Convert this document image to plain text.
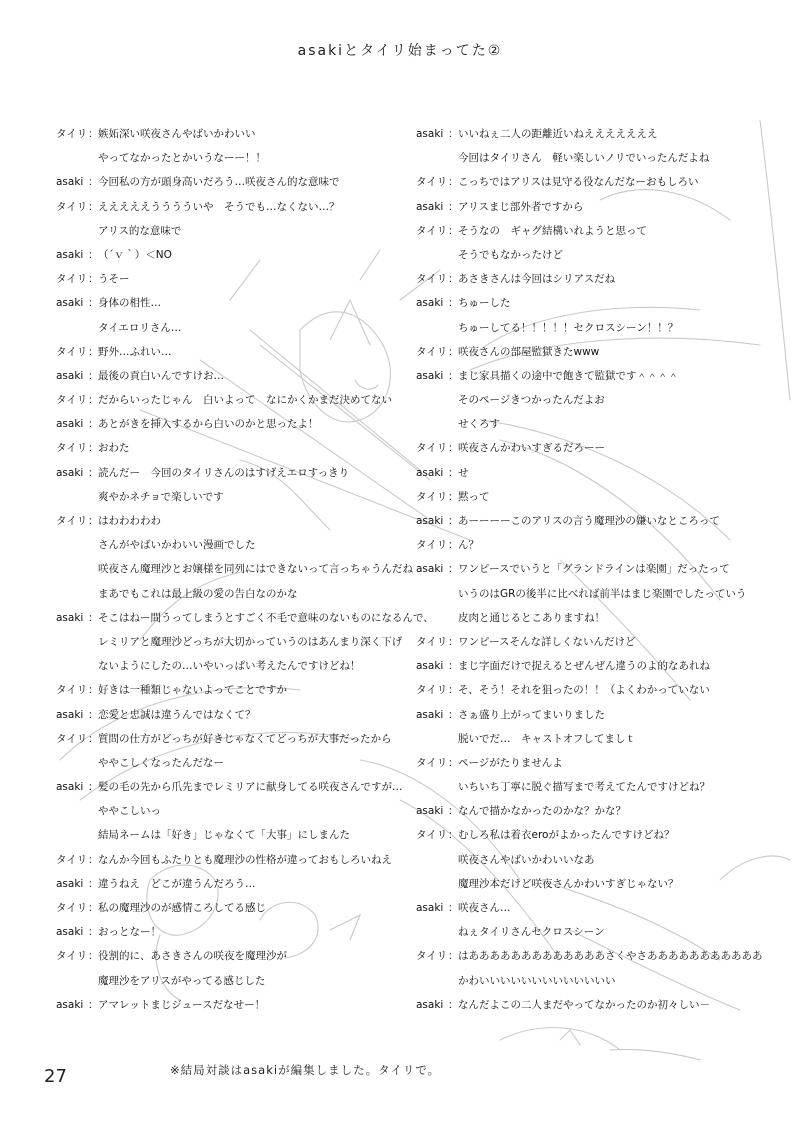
asakiとタイリ始まってた②
タイリ ： 嫉妬深い咲夜さんやばいかわいい
やってなかったとかいうなーー！！
asaki ： 今回私の方が頭身高いだろう…咲夜さん的な意味で
タイリ ： えええええうううういや　そうでも…なくない…？
アリス的な意味で
asaki ： （´ｖ｀）＜NO
タイリ ： うそー
asaki ： 身体の相性…
タイエロリさん…
タイリ ： 野外…ふれい…
asaki ： 最後の貢白いんですけお…
タイリ ： だからいったじゃん　白いよって　なにかくかまだ決めてない
asaki ： あとがきを挿入するから白いのかと思ったよ！
タイリ ： おわた
asaki ： 読んだー　今回のタイリさんのはすげえエロすっきり
爽やかネチョで楽しいです
タイリ ： はわわわわわ
さんがやばいかわいい漫画でした
咲夜さん魔理沙とお嬢様を同列にはできないって言っちゃうんだね
まあでもこれは最上級の愛の告白なのかな
asaki ： そこはねー間うってしまうとすごく不毛で意味のないものになるんで、
レミリアと魔理沙どっちが大切かっていうのはあんまり深く下げ
ないようにしたの…いやいっぱい考えたんですけどね！
タイリ ： 好きは一種類じゃないよってことですか
asaki ： 恋愛と忠誠は違うんではなくて？
タイリ ： 質問の仕方がどっちが好きじゃなくてどっちが大事だったから
ややこしくなったんだなー
asaki ： 髪の毛の先から爪先までレミリアに献身してる咲夜さんですが…
ややこしいっ
結局ネームは「好き」じゃなくて「大事」にしまんた
タイリ ： なんか今回もふたりとも魔理沙の性格が違っておもしろいねえ
asaki ： 違うねえ　どこが違うんだろう…
タイリ ： 私の魔理沙のが感情ころしてる感じ
asaki ： おっとなー！
タイリ ： 役割的に、あさきさんの咲夜を魔理沙が
魔理沙をアリスがやってる感じした
asaki ： アマレットまじジュースだなせー！
asaki ： いいねぇ二人の距離近いねえええええええ
今回はタイリさん　軽い楽しいノリでいったんだよね
タイリ ： こっちではアリスは見守る役なんだなーおもしろい
asaki ： アリスまじ部外者ですから
タイリ ： そうなの　ギャグ結構いれようと思って
そうでもなかったけど
タイリ ： あさきさんは今回はシリアスだね
asaki ： ちゅーした
ちゅーしてる！！！！！セクロスシーン！！？
タイリ ： 咲夜さんの部屋監獄きたwww
asaki ： まじ家具描くの途中で飽きて監獄です＾＾＾＾
そのページきつかったんだよお
せくろす
タイリ ： 咲夜さんかわいすぎるだろーー
asaki ： せ
タイリ ： 黙って
asaki ： あーーーーこのアリスの言う魔理沙の嫌いなところって
タイリ ： ん？
asaki ： ワンピースでいうと「グランドラインは楽園」だったって
いうのはGRの後半に比べれば前半はまじ楽園でしたっていう
皮肉と通じるとこありますね！
タイリ ： ワンピースそんな詳しくないんだけど
asaki ： まじ字面だけで捉えるとぜんぜん違うのよ的なあれね
タイリ ： そ、そう！それを狙ったの！！（よくわかっていない
asaki ： さぁ盛り上がってまいりました
脱いでだ…　キャストオフしてましｔ
タイリ ： ページがたりませんよ
いちいち丁寧に脱ぐ描写まで考えてたんですけどね？
asaki ： なんで描かなかったのかな？かな？
タイリ ： むしろ私は着衣eroがよかったんですけどね？
咲夜さんやばいかわいいなあ
魔理沙本だけど咲夜さんかわいすぎじゃない？
asaki ： 咲夜さん…
ねぇタイリさんセクロスシーン
タイリ ： はあああああああああああああさくやさあああああああああああ
かわいいいいいいいいいいいいい
asaki ： なんだよこの二人まだやってなかったのか初々しい－
27	※結局対談はasakiが編集しました。タイリで。
